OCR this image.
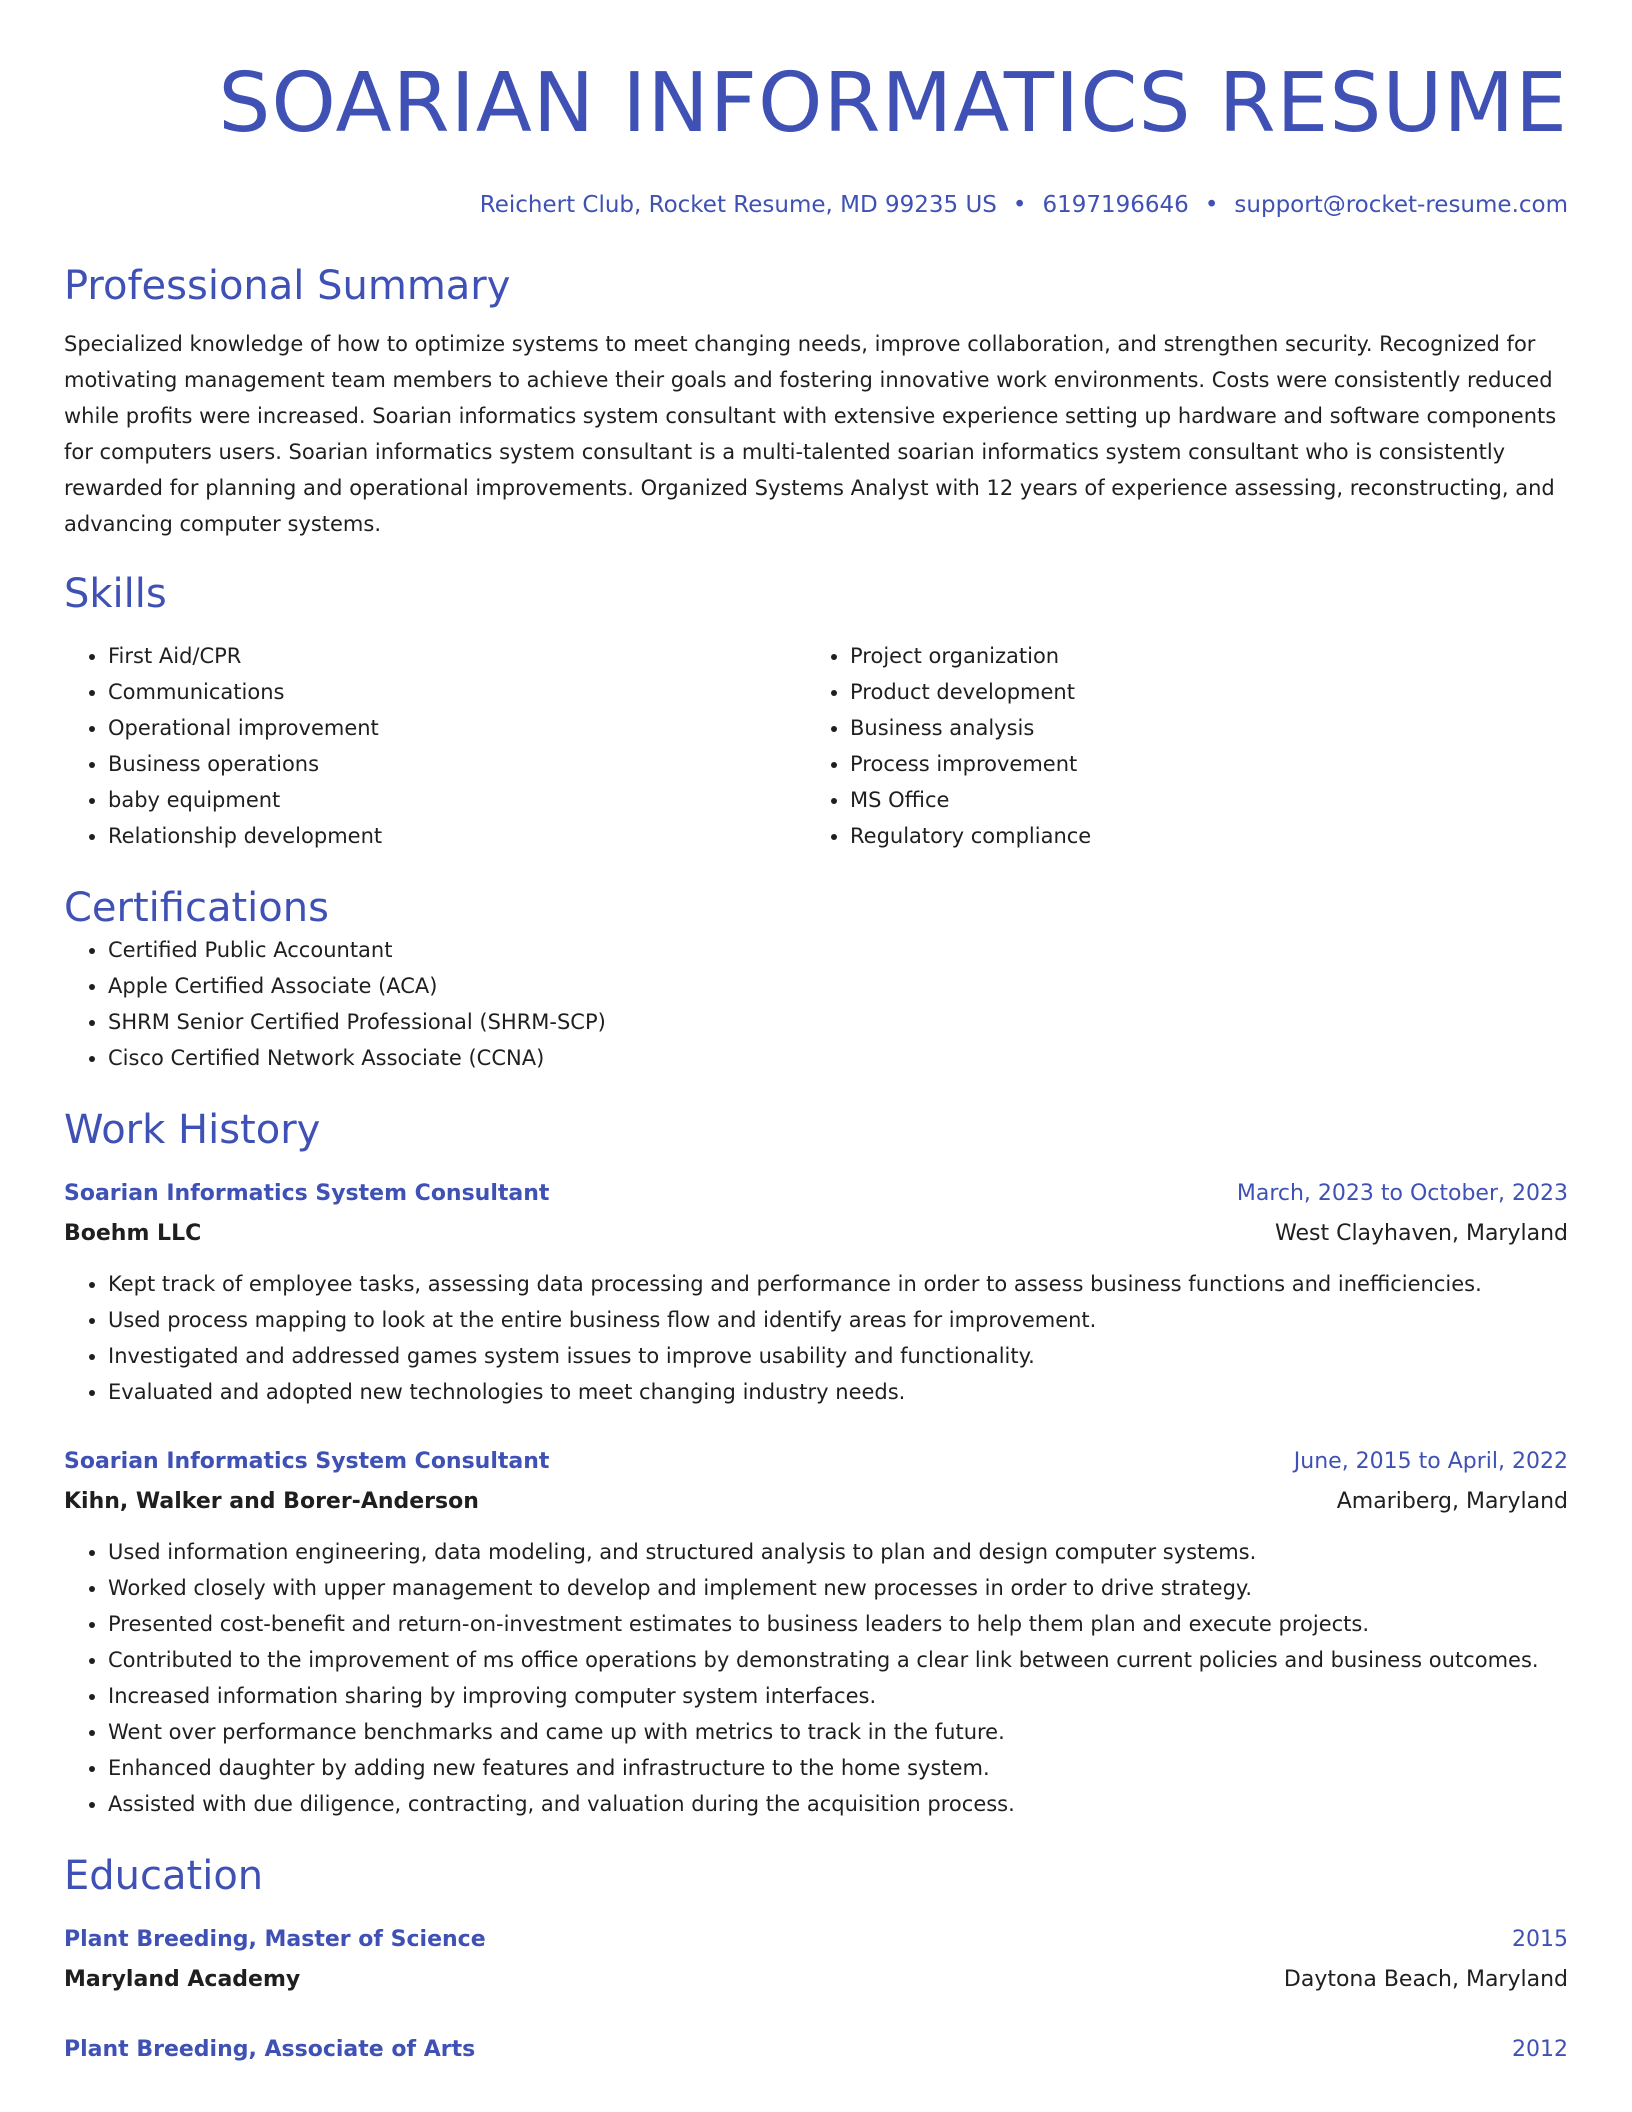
SOARIAN INFORMATICS RESUME
Reichert Club, Rocket Resume, MD 99235 US • 6197196646 • support@rocket-resume.com
Professional Summary
Specialized knowledge of how to optimize systems to meet changing needs, improve collaboration, and strengthen security. Recognized for motivating management team members to achieve their goals and fostering innovative work environments. Costs were consistently reduced while profits were increased. Soarian informatics system consultant with extensive experience setting up hardware and software components for computers users. Soarian informatics system consultant is a multi-talented soarian informatics system consultant who is consistently rewarded for planning and operational improvements. Organized Systems Analyst with 12 years of experience assessing, reconstructing, and advancing computer systems.
Skills
• First Aid/CPR
• Communications
• Operational improvement
• Business operations
• baby equipment
• Relationship development
• Project organization
• Product development
• Business analysis
• Process improvement
• MS Office
• Regulatory compliance
Certifications
• Certified Public Accountant
• Apple Certified Associate (ACA)
• SHRM Senior Certified Professional (SHRM-SCP)
• Cisco Certified Network Associate (CCNA)
Work History
Soarian Informatics System Consultant	March, 2023 to October, 2023
Boehm LLC	West Clayhaven, Maryland
• Kept track of employee tasks, assessing data processing and performance in order to assess business functions and inefficiencies.
• Used process mapping to look at the entire business flow and identify areas for improvement.
• Investigated and addressed games system issues to improve usability and functionality.
• Evaluated and adopted new technologies to meet changing industry needs.
Soarian Informatics System Consultant	June, 2015 to April, 2022
Kihn, Walker and Borer-Anderson	Amariberg, Maryland
• Used information engineering, data modeling, and structured analysis to plan and design computer systems.
• Worked closely with upper management to develop and implement new processes in order to drive strategy.
• Presented cost-benefit and return-on-investment estimates to business leaders to help them plan and execute projects.
• Contributed to the improvement of ms office operations by demonstrating a clear link between current policies and business outcomes.
• Increased information sharing by improving computer system interfaces.
• Went over performance benchmarks and came up with metrics to track in the future.
• Enhanced daughter by adding new features and infrastructure to the home system.
• Assisted with due diligence, contracting, and valuation during the acquisition process.
Education
Plant Breeding, Master of Science	2015
Maryland Academy	Daytona Beach, Maryland
Plant Breeding, Associate of Arts	2012
